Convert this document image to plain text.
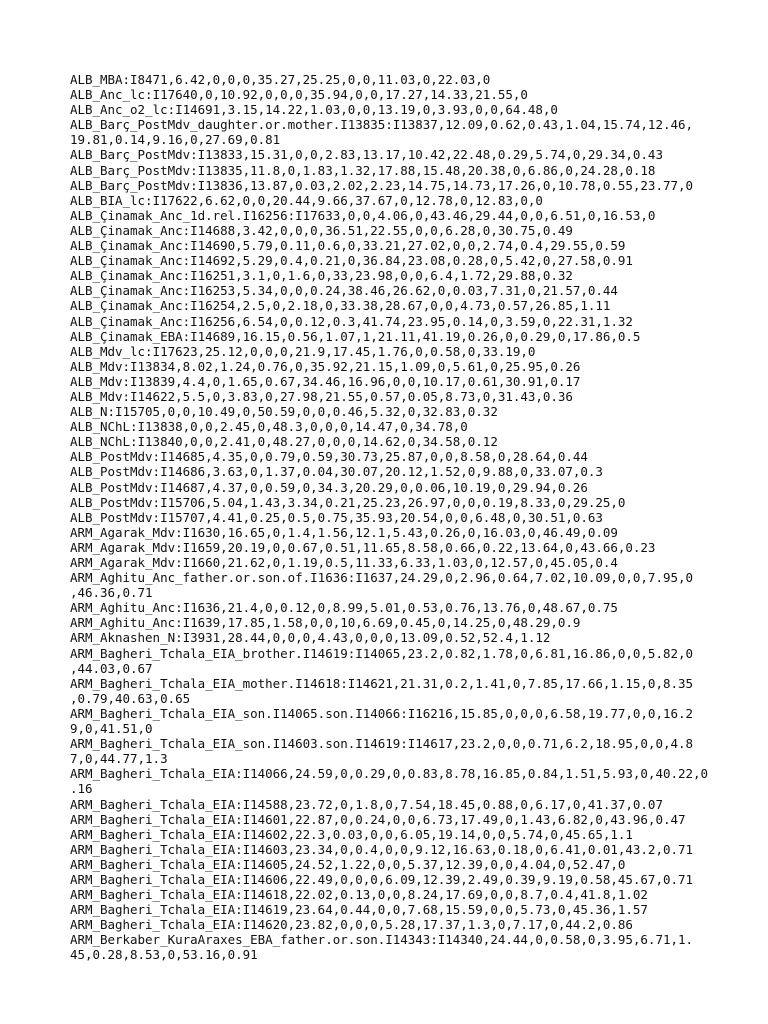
ALB_MBA:I8471,6.42,0,0,0,35.27,25.25,0,0,11.03,0,22.03,0
ALB_Anc_lc:I17640,0,10.92,0,0,0,35.94,0,0,17.27,14.33,21.55,0
ALB_Anc_o2_lc:I14691,3.15,14.22,1.03,0,0,13.19,0,3.93,0,0,64.48,0
ALB_Barç_PostMdv_daughter.or.mother.I13835:I13837,12.09,0.62,0.43,1.04,15.74,12.46,
19.81,0.14,9.16,0,27.69,0.81
ALB_Barç_PostMdv:I13833,15.31,0,0,2.83,13.17,10.42,22.48,0.29,5.74,0,29.34,0.43
ALB_Barç_PostMdv:I13835,11.8,0,1.83,1.32,17.88,15.48,20.38,0,6.86,0,24.28,0.18
ALB_Barç_PostMdv:I13836,13.87,0.03,2.02,2.23,14.75,14.73,17.26,0,10.78,0.55,23.77,0
ALB_BIA_lc:I17622,6.62,0,0,20.44,9.66,37.67,0,12.78,0,12.83,0,0
ALB_Çinamak_Anc_1d.rel.I16256:I17633,0,0,4.06,0,43.46,29.44,0,0,6.51,0,16.53,0
ALB_Çinamak_Anc:I14688,3.42,0,0,0,36.51,22.55,0,0,6.28,0,30.75,0.49
ALB_Çinamak_Anc:I14690,5.79,0.11,0.6,0,33.21,27.02,0,0,2.74,0.4,29.55,0.59
ALB_Çinamak_Anc:I14692,5.29,0.4,0.21,0,36.84,23.08,0.28,0,5.42,0,27.58,0.91
ALB_Çinamak_Anc:I16251,3.1,0,1.6,0,33,23.98,0,0,6.4,1.72,29.88,0.32
ALB_Çinamak_Anc:I16253,5.34,0,0,0.24,38.46,26.62,0,0.03,7.31,0,21.57,0.44
ALB_Çinamak_Anc:I16254,2.5,0,2.18,0,33.38,28.67,0,0,4.73,0.57,26.85,1.11
ALB_Çinamak_Anc:I16256,6.54,0,0.12,0.3,41.74,23.95,0.14,0,3.59,0,22.31,1.32
ALB_Çinamak_EBA:I14689,16.15,0.56,1.07,1,21.11,41.19,0.26,0,0.29,0,17.86,0.5
ALB_Mdv_lc:I17623,25.12,0,0,0,21.9,17.45,1.76,0,0.58,0,33.19,0
ALB_Mdv:I13834,8.02,1.24,0.76,0,35.92,21.15,1.09,0,5.61,0,25.95,0.26
ALB_Mdv:I13839,4.4,0,1.65,0.67,34.46,16.96,0,0,10.17,0.61,30.91,0.17
ALB_Mdv:I14622,5.5,0,3.83,0,27.98,21.55,0.57,0.05,8.73,0,31.43,0.36
ALB_N:I15705,0,0,10.49,0,50.59,0,0,0.46,5.32,0,32.83,0.32
ALB_NChL:I13838,0,0,2.45,0,48.3,0,0,0,14.47,0,34.78,0
ALB_NChL:I13840,0,0,2.41,0,48.27,0,0,0,14.62,0,34.58,0.12
ALB_PostMdv:I14685,4.35,0,0.79,0.59,30.73,25.87,0,0,8.58,0,28.64,0.44
ALB_PostMdv:I14686,3.63,0,1.37,0.04,30.07,20.12,1.52,0,9.88,0,33.07,0.3
ALB_PostMdv:I14687,4.37,0,0.59,0,34.3,20.29,0,0.06,10.19,0,29.94,0.26
ALB_PostMdv:I15706,5.04,1.43,3.34,0.21,25.23,26.97,0,0,0.19,8.33,0,29.25,0
ALB_PostMdv:I15707,4.41,0.25,0.5,0.75,35.93,20.54,0,0,6.48,0,30.51,0.63
ARM_Agarak_Mdv:I1630,16.65,0,1.4,1.56,12.1,5.43,0.26,0,16.03,0,46.49,0.09
ARM_Agarak_Mdv:I1659,20.19,0,0.67,0.51,11.65,8.58,0.66,0.22,13.64,0,43.66,0.23
ARM_Agarak_Mdv:I1660,21.62,0,1.19,0.5,11.33,6.33,1.03,0,12.57,0,45.05,0.4
ARM_Aghitu_Anc_father.or.son.of.I1636:I1637,24.29,0,2.96,0.64,7.02,10.09,0,0,7.95,0
,46.36,0.71
ARM_Aghitu_Anc:I1636,21.4,0,0.12,0,8.99,5.01,0.53,0.76,13.76,0,48.67,0.75
ARM_Aghitu_Anc:I1639,17.85,1.58,0,0,10,6.69,0.45,0,14.25,0,48.29,0.9
ARM_Aknashen_N:I3931,28.44,0,0,0,4.43,0,0,0,13.09,0.52,52.4,1.12
ARM_Bagheri_Tchala_EIA_brother.I14619:I14065,23.2,0.82,1.78,0,6.81,16.86,0,0,5.82,0
,44.03,0.67
ARM_Bagheri_Tchala_EIA_mother.I14618:I14621,21.31,0.2,1.41,0,7.85,17.66,1.15,0,8.35
,0.79,40.63,0.65
ARM_Bagheri_Tchala_EIA_son.I14065.son.I14066:I16216,15.85,0,0,0,6.58,19.77,0,0,16.2
9,0,41.51,0
ARM_Bagheri_Tchala_EIA_son.I14603.son.I14619:I14617,23.2,0,0,0.71,6.2,18.95,0,0,4.8
7,0,44.77,1.3
ARM_Bagheri_Tchala_EIA:I14066,24.59,0,0.29,0,0.83,8.78,16.85,0.84,1.51,5.93,0,40.22,0
.16
ARM_Bagheri_Tchala_EIA:I14588,23.72,0,1.8,0,7.54,18.45,0.88,0,6.17,0,41.37,0.07
ARM_Bagheri_Tchala_EIA:I14601,22.87,0,0.24,0,0,6.73,17.49,0,1.43,6.82,0,43.96,0.47
ARM_Bagheri_Tchala_EIA:I14602,22.3,0.03,0,0,6.05,19.14,0,0,5.74,0,45.65,1.1
ARM_Bagheri_Tchala_EIA:I14603,23.34,0,0.4,0,0,9.12,16.63,0.18,0,6.41,0.01,43.2,0.71
ARM_Bagheri_Tchala_EIA:I14605,24.52,1.22,0,0,5.37,12.39,0,0,4.04,0,52.47,0
ARM_Bagheri_Tchala_EIA:I14606,22.49,0,0,0,6.09,12.39,2.49,0.39,9.19,0.58,45.67,0.71
ARM_Bagheri_Tchala_EIA:I14618,22.02,0.13,0,0,8.24,17.69,0,0,8.7,0.4,41.8,1.02
ARM_Bagheri_Tchala_EIA:I14619,23.64,0.44,0,0,7.68,15.59,0,0,5.73,0,45.36,1.57
ARM_Bagheri_Tchala_EIA:I14620,23.82,0,0,0,5.28,17.37,1.3,0,7.17,0,44.2,0.86
ARM_Berkaber_KuraAraxes_EBA_father.or.son.I14343:I14340,24.44,0,0.58,0,3.95,6.71,1.
45,0.28,8.53,0,53.16,0.91
